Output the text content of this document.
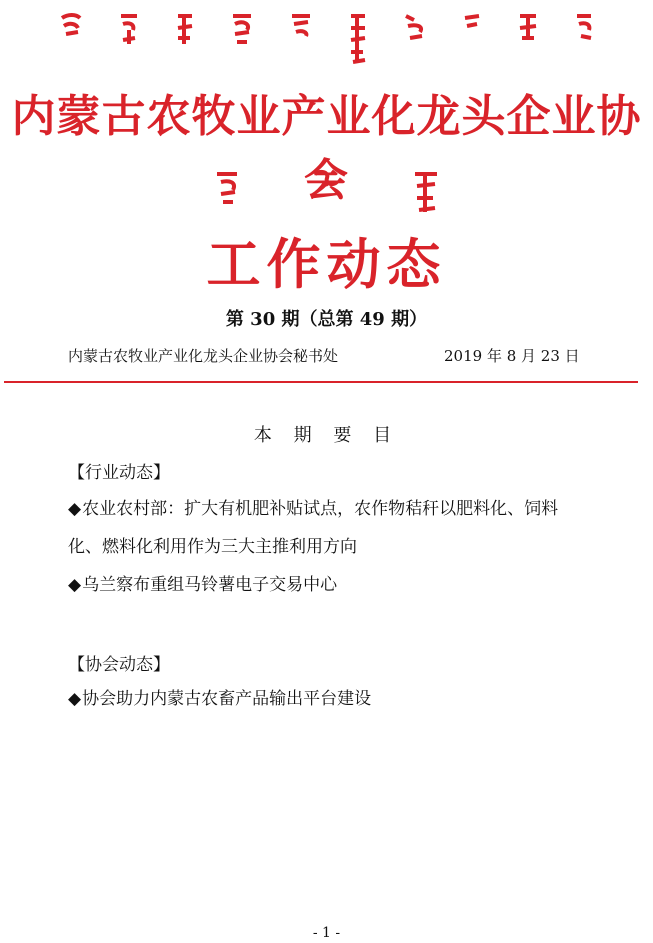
内蒙古农牧业产业化龙头企业协会
工作动态
第 30 期（总第 49 期）
内蒙古农牧业产业化龙头企业协会秘书处	2019 年 8 月 23 日
本 期 要 目
【行业动态】
◆农业农村部：扩大有机肥补贴试点，农作物秸秆以肥料化、饲料化、燃料化利用作为三大主推利用方向
◆乌兰察布重组马铃薯电子交易中心
【协会动态】
◆协会助力内蒙古农畜产品输出平台建设
- 1 -
